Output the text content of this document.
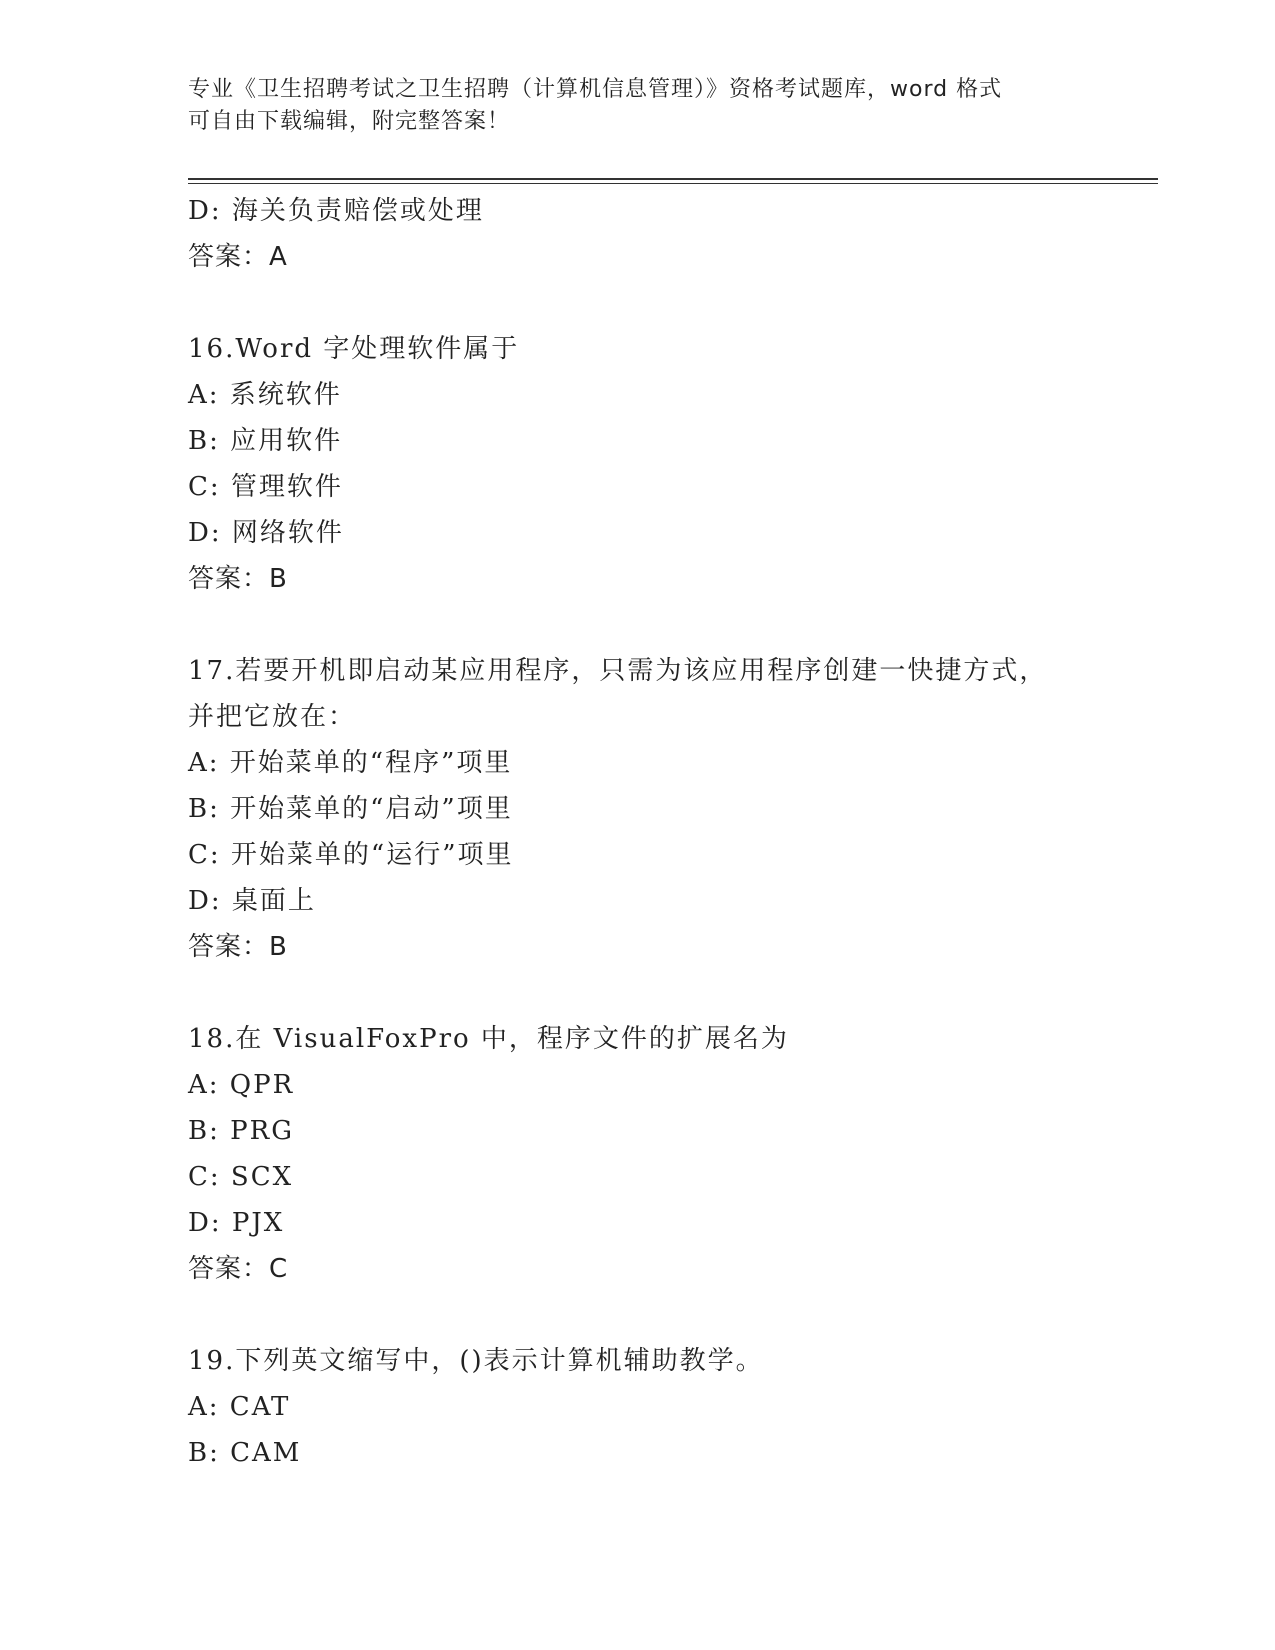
专业《卫生招聘考试之卫生招聘（计算机信息管理）》资格考试题库，word 格式
可自由下载编辑，附完整答案！
D: 海关负责赔偿或处理
答案：A
16.Word 字处理软件属于
A: 系统软件
B: 应用软件
C: 管理软件
D: 网络软件
答案：B
17.若要开机即启动某应用程序，只需为该应用程序创建一快捷方式，
并把它放在：
A: 开始菜单的“程序”项里
B: 开始菜单的“启动”项里
C: 开始菜单的“运行”项里
D: 桌面上
答案：B
18.在 VisualFoxPro 中，程序文件的扩展名为
A: QPR
B: PRG
C: SCX
D: PJX
答案：C
19.下列英文缩写中，()表示计算机辅助教学。
A: CAT
B: CAM
